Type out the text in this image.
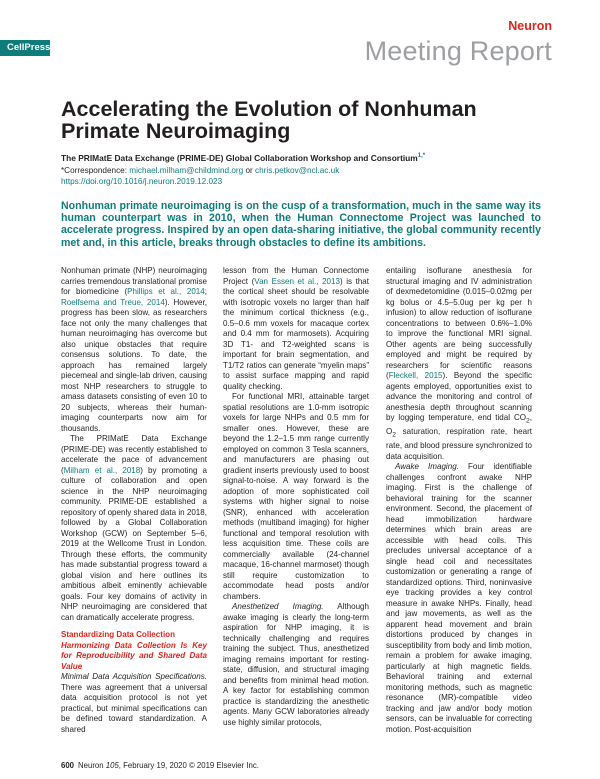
CellPress
Neuron
Meeting Report
Accelerating the Evolution of Nonhuman Primate Neuroimaging
The PRIMatE Data Exchange (PRIME-DE) Global Collaboration Workshop and Consortium$^{1,*}$
*Correspondence: michael.milham@childmind.org or chris.petkov@ncl.ac.uk
https://doi.org/10.1016/j.neuron.2019.12.023
Nonhuman primate neuroimaging is on the cusp of a transformation, much in the same way its human counterpart was in 2010, when the Human Connectome Project was launched to accelerate progress. Inspired by an open data-sharing initiative, the global community recently met and, in this article, breaks through obstacles to define its ambitions.

Nonhuman primate (NHP) neuroimaging carries tremendous translational promise for biomedicine (Phillips et al., 2014; Roelfsema and Treue, 2014). However, progress has been slow, as researchers face not only the many challenges that human neuroimaging has overcome but also unique obstacles that require consensus solutions. To date, the approach has remained largely piecemeal and single-lab driven, causing most NHP researchers to struggle to amass datasets consisting of even 10 to 20 subjects, whereas their human-imaging counterparts now aim for thousands.

The PRIMatE Data Exchange (PRIME-DE) was recently established to accelerate the pace of advancement (Milham et al., 2018) by promoting a culture of collaboration and open science in the NHP neuroimaging community. PRIME-DE established a repository of openly shared data in 2018, followed by a Global Collaboration Workshop (GCW) on September 5–6, 2019 at the Wellcome Trust in London. Through these efforts, the community has made substantial progress toward a global vision and here outlines its ambitious albeit eminently achievable goals. Four key domains of activity in NHP neuroimaging are considered that can dramatically accelerate progress.

Standardizing Data Collection

Harmonizing Data Collection Is Key for Reproducibility and Shared Data Value

Minimal Data Acquisition Specifications. There was agreement that a universal data acquisition protocol is not yet practical, but minimal specifications can be defined toward standardization. A shared

lesson from the Human Connectome Project (Van Essen et al., 2013) is that the cortical sheet should be resolvable with isotropic voxels no larger than half the minimum cortical thickness (e.g., 0.5–0.6 mm voxels for macaque cortex and 0.4 mm for marmosets). Acquiring 3D T1- and T2-weighted scans is important for brain segmentation, and T1/T2 ratios can generate “myelin maps” to assist surface mapping and rapid quality checking.

For functional MRI, attainable target spatial resolutions are 1.0-mm isotropic voxels for large NHPs and 0.5 mm for smaller ones. However, these are beyond the 1.2–1.5 mm range currently employed on common 3 Tesla scanners, and manufacturers are phasing out gradient inserts previously used to boost signal-to-noise. A way forward is the adoption of more sophisticated coil systems with higher signal to noise (SNR), enhanced with acceleration methods (multiband imaging) for higher functional and temporal resolution with less acquisition time. These coils are commercially available (24-channel macaque, 16-channel marmoset) though still require customization to accommodate head posts and/or chambers.

Anesthetized Imaging. Although awake imaging is clearly the long-term aspiration for NHP imaging, it is technically challenging and requires training the subject. Thus, anesthetized imaging remains important for resting-state, diffusion, and structural imaging and benefits from minimal head motion. A key factor for establishing common practice is standardizing the anesthetic agents. Many GCW laboratories already use highly similar protocols,

entailing isoflurane anesthesia for structural imaging and IV administration of dexmedetomidine (0.015–0.02mg per kg bolus or 4.5–5.0ug per kg per h infusion) to allow reduction of isoflurane concentrations to between 0.6%–1.0% to improve the functional MRI signal. Other agents are being successfully employed and might be required by researchers for scientific reasons (Fleckell, 2015). Beyond the specific agents employed, opportunities exist to advance the monitoring and control of anesthesia depth throughout scanning by logging temperature, end tidal $CO_2$, $O_2$ saturation, respiration rate, heart rate, and blood pressure synchronized to data acquisition.

Awake Imaging. Four identifiable challenges confront awake NHP imaging. First is the challenge of behavioral training for the scanner environment. Second, the placement of head immobilization hardware determines which brain areas are accessible with head coils. This precludes universal acceptance of a single head coil and necessitates customization or generating a range of standardized options. Third, noninvasive eye tracking provides a key control measure in awake NHPs. Finally, head and jaw movements, as well as the apparent head movement and brain distortions produced by changes in susceptibility from body and limb motion, remain a problem for awake imaging, particularly at high magnetic fields. Behavioral training and external monitoring methods, such as magnetic resonance (MR)-compatible video tracking and jaw and/or body motion sensors, can be invaluable for correcting motion. Post-acquisition

600 Neuron 105, February 19, 2020 © 2019 Elsevier Inc.
